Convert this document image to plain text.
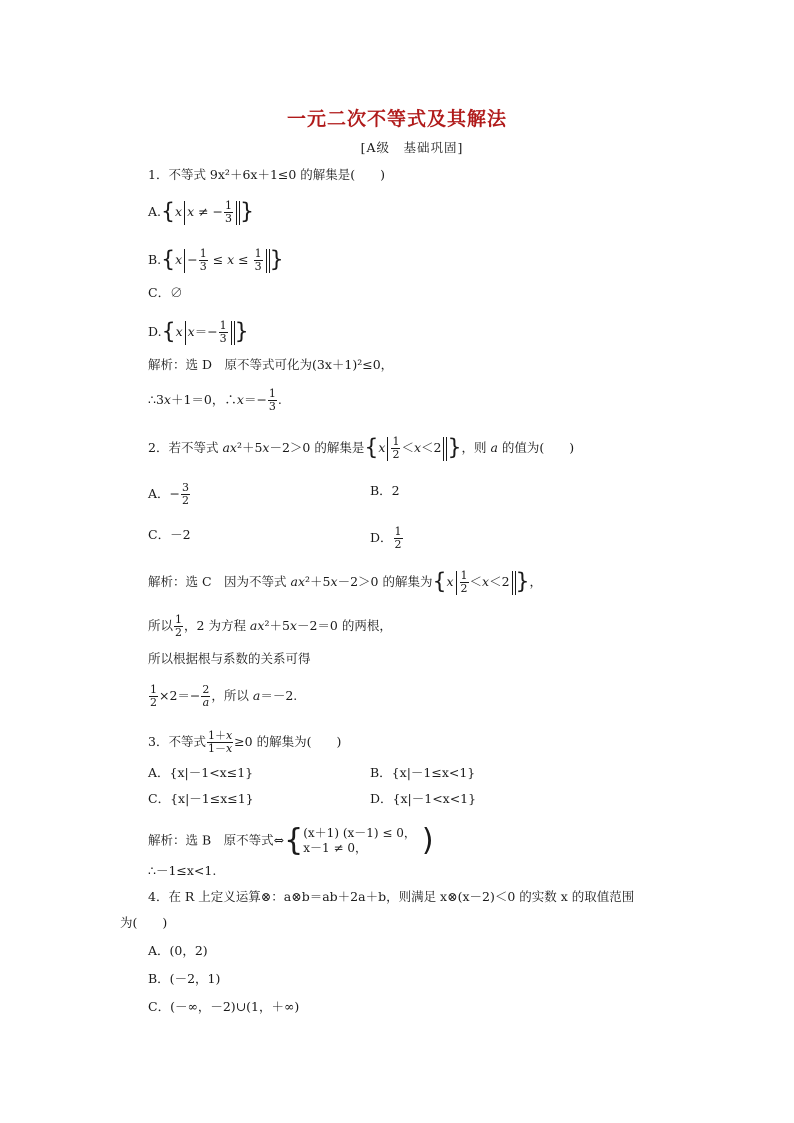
一元二次不等式及其解法
[A级　基础巩固]
1．不等式 9x²＋6x＋1≤0 的解集是(　　)
A.{x x ≠ − $\frac{1}{3}$ }
$B.\{x - \frac{1}{3} \le x \le \frac{1}{3}$ }
C．∅
D.{x $x=- \frac{1}{3}$ }
解析：选 D　原不等式可化为(3x＋1)²≤0，
∴3x＋1＝0，∴x＝− $\frac{1}{3}$ .
2．若不等式 ax²＋5x－2＞0 的解集是{$x \frac{1}{2} <x<2$ }，则 a 的值为(　　)
A．− $\frac{3}{2}$	B．2
C．－2	D． $\frac{1}{2}$
解析：选 C　因为不等式 ax²＋5x－2＞0 的解集为{$x \frac{1}{2} <x<2$ }，
所以 $\frac{1}{2}$ ，2 为方程 ax²＋5x－2＝0 的两根，
所以根据根与系数的关系可得
$\frac{1}{2} \times 2=- \frac{2}{a}$ ，所以 a＝－2.
3．不等式 $\frac{1+x}{1-x} \ge 0$ 的解集为(　　)
A．{x|－1<x≤1}	B．{x|－1≤x<1}
C．{x|－1≤x≤1}	D．{x|－1<x<1}
解析：选 B　原不等式⇔{ (x＋1) (x－1) ≤ 0，
x－1 ≠ 0，	)
∴－1≤x<1.
4．在 R 上定义运算⊗：a⊗b＝ab＋2a＋b，则满足 x⊗(x－2)＜0 的实数 x 的取值范围
为(　　)
A．(0，2)
B．(－2，1)
C．(－∞，－2)∪(1，＋∞)
